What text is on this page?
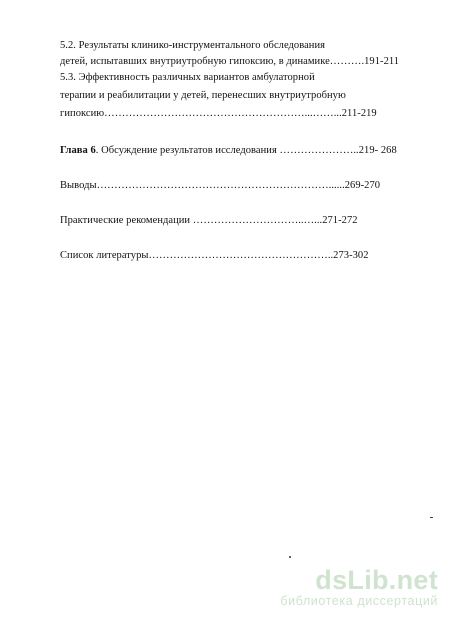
5.2. Результаты клинико-инструментального обследования
детей, испытавших внутриутробную гипоксию, в динамике……….191-211
5.3. Эффективность различных вариантов амбулаторной
терапии и реабилитации у детей, перенесших внутриутробную
гипоксию…………………………………………………...……...211-219
Глава 6. Обсуждение результатов исследования …………………..219- 268
Выводы…………………………………………………………......269-270
Практические рекомендации …………………………..…...271-272
Список литературы……………………………………………..273-302
dsLib.net
библиотека диссертаций
